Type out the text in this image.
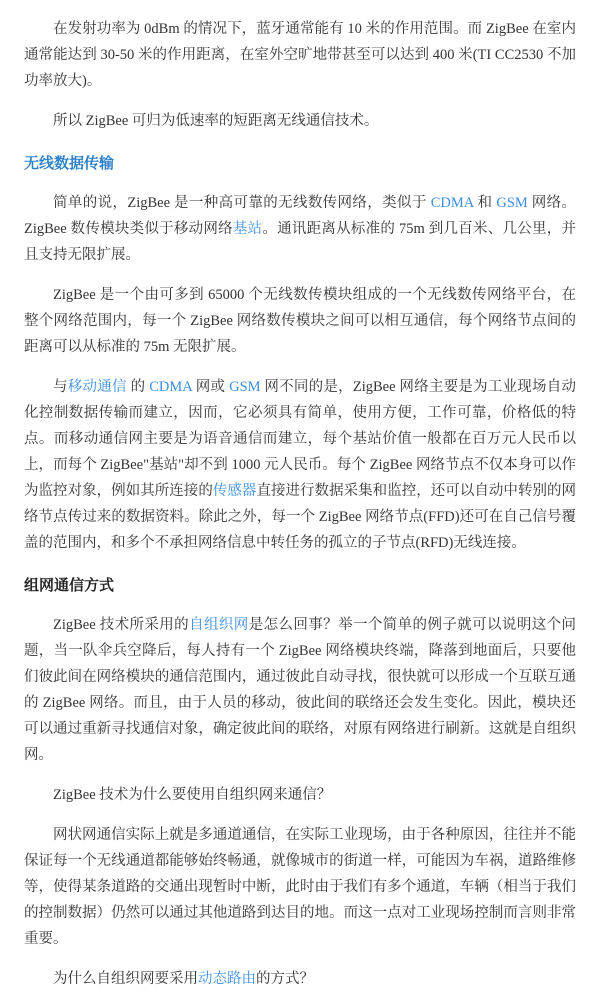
在发射功率为 0dBm 的情况下，蓝牙通常能有 10 米的作用范围。而 ZigBee 在室内通常能达到 30-50 米的作用距离，在室外空旷地带甚至可以达到 400 米(TI CC2530 不加功率放大)。

所以 ZigBee 可归为低速率的短距离无线通信技术。

无线数据传输

简单的说，ZigBee 是一种高可靠的无线数传网络，类似于 CDMA 和 GSM 网络。ZigBee 数传模块类似于移动网络基站。通讯距离从标准的 75m 到几百米、几公里，并且支持无限扩展。

ZigBee 是一个由可多到 65000 个无线数传模块组成的一个无线数传网络平台，在整个网络范围内，每一个 ZigBee 网络数传模块之间可以相互通信，每个网络节点间的距离可以从标准的 75m 无限扩展。

与移动通信 的 CDMA 网或 GSM 网不同的是，ZigBee 网络主要是为工业现场自动化控制数据传输而建立，因而，它必须具有简单，使用方便，工作可靠，价格低的特点。而移动通信网主要是为语音通信而建立，每个基站价值一般都在百万元人民币以上，而每个 ZigBee"基站"却不到 1000 元人民币。每个 ZigBee 网络节点不仅本身可以作为监控对象，例如其所连接的传感器直接进行数据采集和监控，还可以自动中转别的网络节点传过来的数据资料。除此之外，每一个 ZigBee 网络节点(FFD)还可在自己信号覆盖的范围内，和多个不承担网络信息中转任务的孤立的子节点(RFD)无线连接。

组网通信方式

ZigBee 技术所采用的自组织网是怎么回事？举一个简单的例子就可以说明这个问题，当一队伞兵空降后，每人持有一个 ZigBee 网络模块终端，降落到地面后，只要他们彼此间在网络模块的通信范围内，通过彼此自动寻找，很快就可以形成一个互联互通的 ZigBee 网络。而且，由于人员的移动，彼此间的联络还会发生变化。因此，模块还可以通过重新寻找通信对象，确定彼此间的联络，对原有网络进行刷新。这就是自组织网。

ZigBee 技术为什么要使用自组织网来通信？

网状网通信实际上就是多通道通信，在实际工业现场，由于各种原因，往往并不能保证每一个无线通道都能够始终畅通，就像城市的街道一样，可能因为车祸，道路维修等，使得某条道路的交通出现暂时中断，此时由于我们有多个通道，车辆（相当于我们的控制数据）仍然可以通过其他道路到达目的地。而这一点对工业现场控制而言则非常重要。

为什么自组织网要采用动态路由的方式？
